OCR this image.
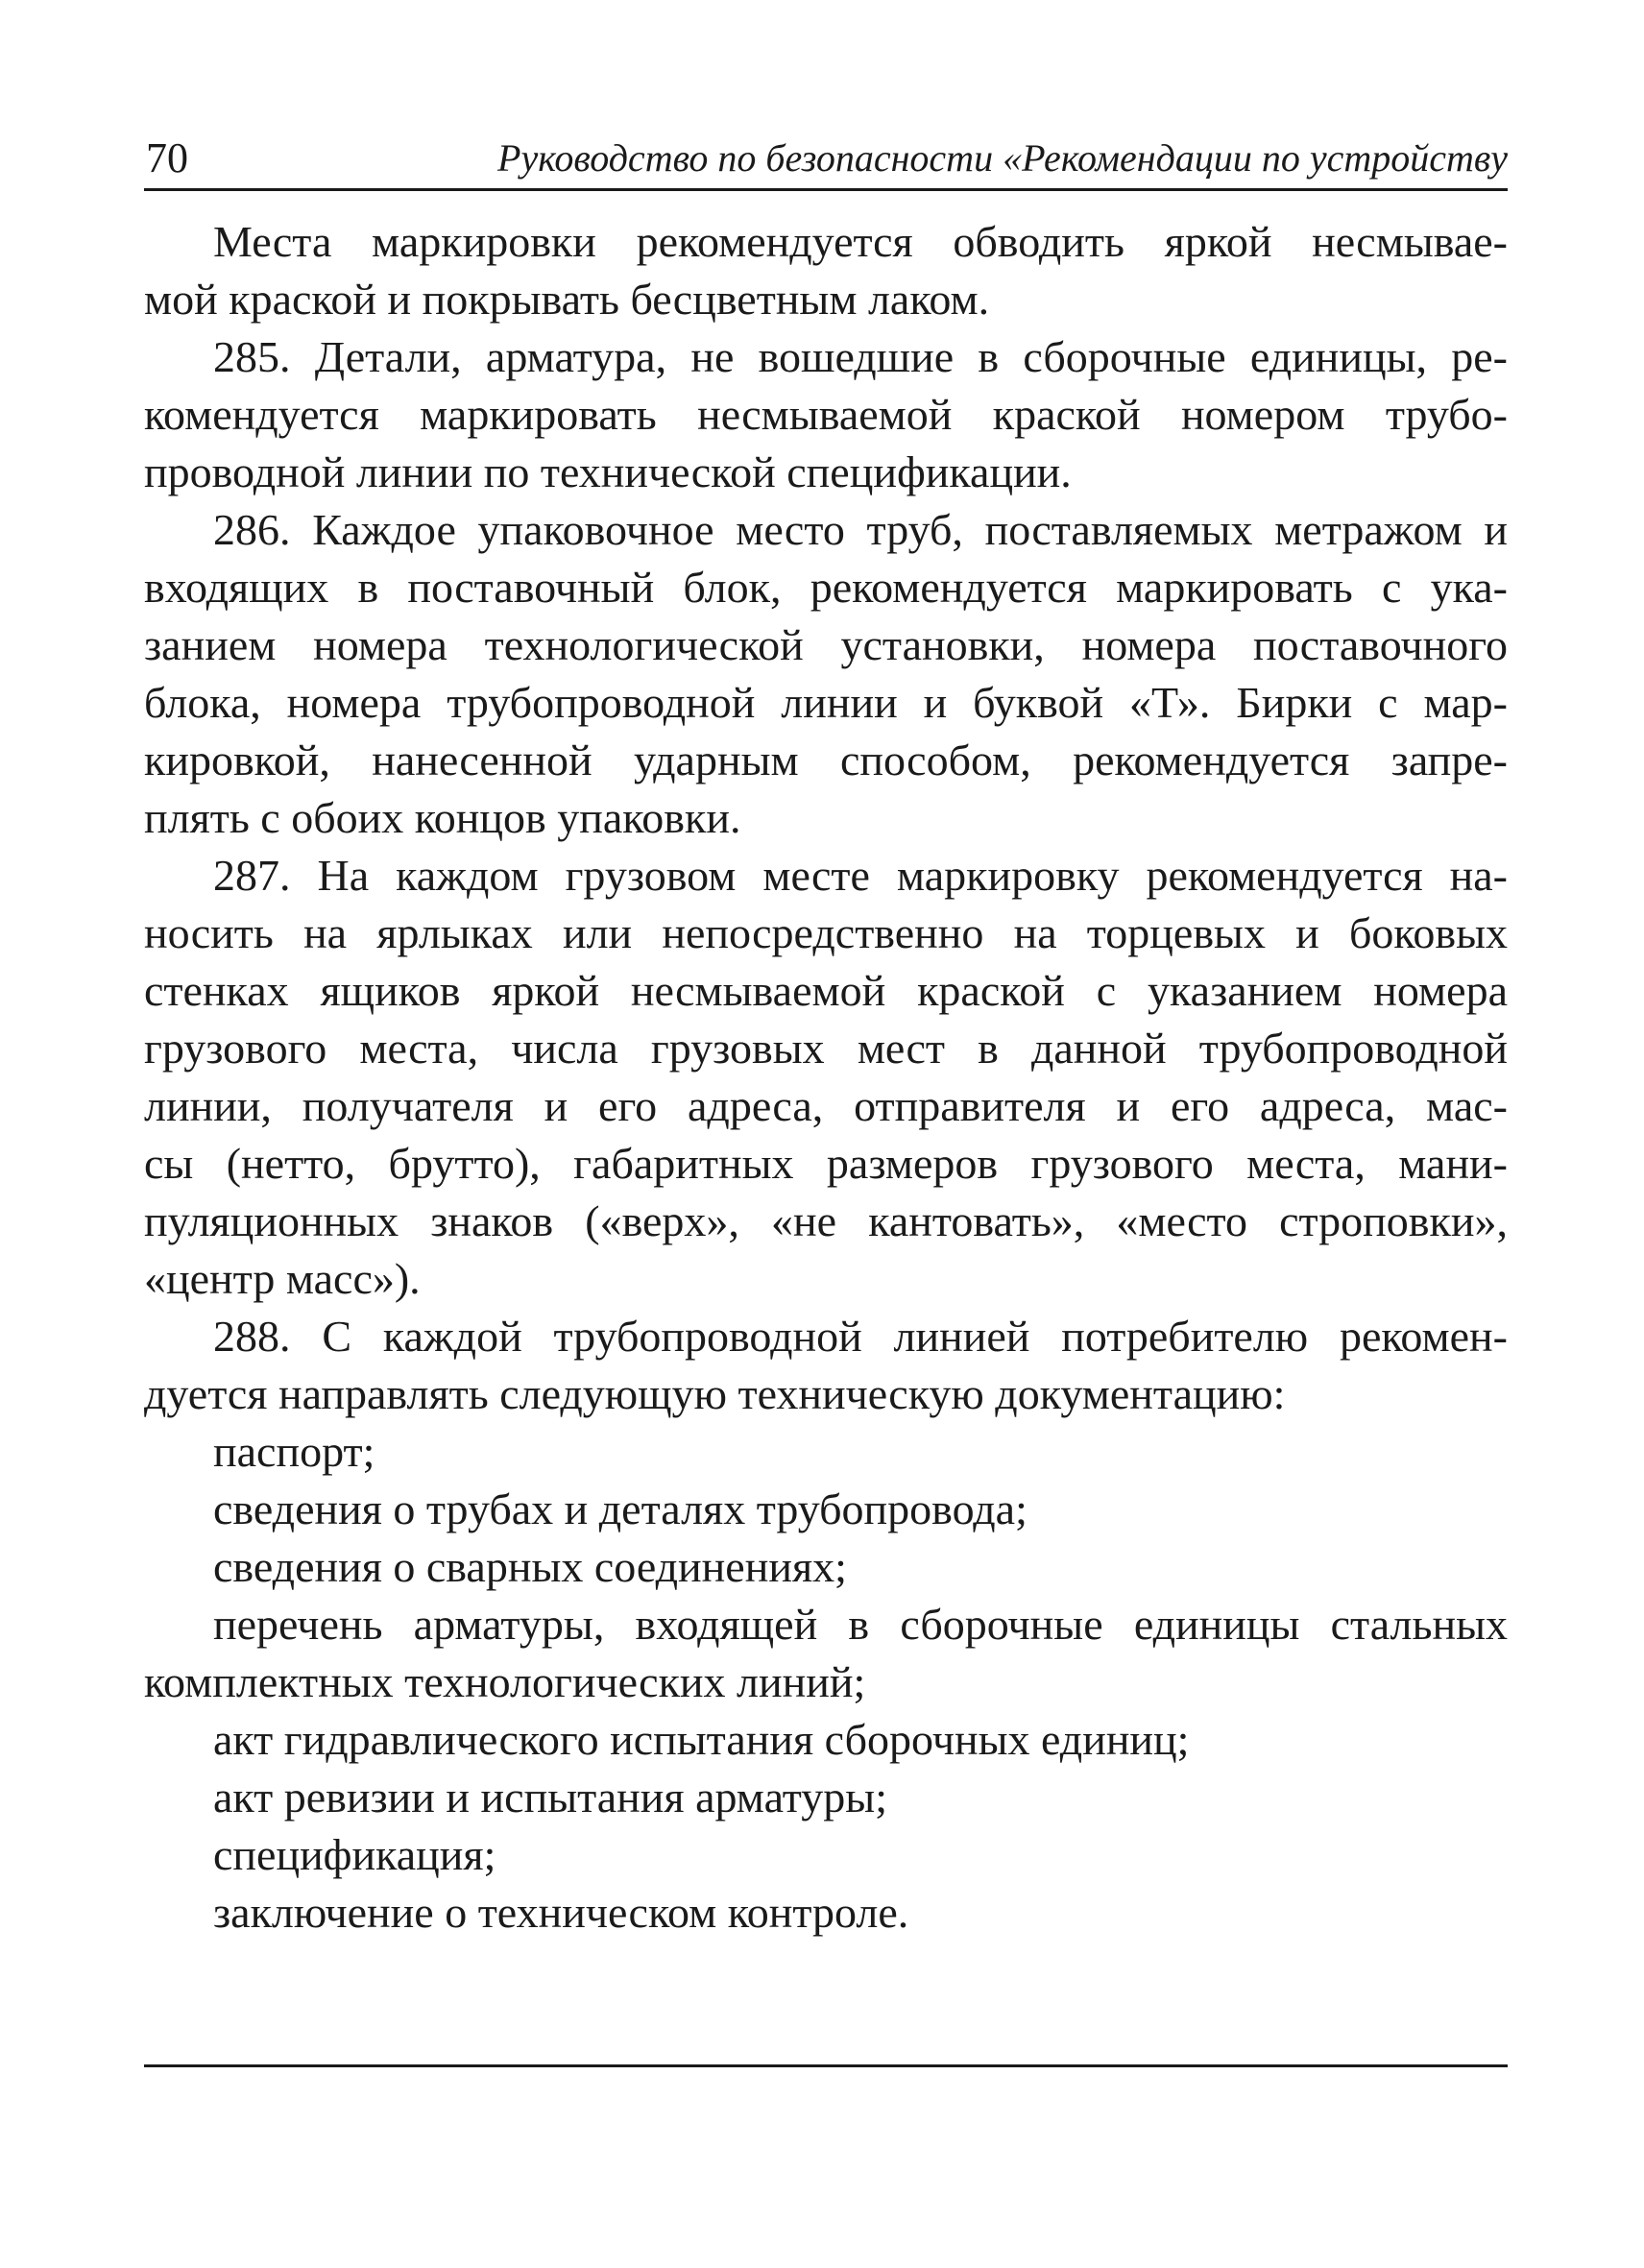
70	Руководство по безопасности «Рекомендации по устройству
Места маркировки рекомендуется обводить яркой несмывае-
мой краской и покрывать бесцветным лаком.
285. Детали, арматура, не вошедшие в сборочные единицы, ре-
комендуется маркировать несмываемой краской номером трубо-
проводной линии по технической спецификации.
286. Каждое упаковочное место труб, поставляемых метражом и
входящих в поставочный блок, рекомендуется маркировать с ука-
занием номера технологической установки, номера поставочного
блока, номера трубопроводной линии и буквой «Т». Бирки с мар-
кировкой, нанесенной ударным способом, рекомендуется запре-
плять с обоих концов упаковки.
287. На каждом грузовом месте маркировку рекомендуется на-
носить на ярлыках или непосредственно на торцевых и боковых
стенках ящиков яркой несмываемой краской с указанием номера
грузового места, числа грузовых мест в данной трубопроводной
линии, получателя и его адреса, отправителя и его адреса, мас-
сы (нетто, брутто), габаритных размеров грузового места, мани-
пуляционных знаков («верх», «не кантовать», «место строповки»,
«центр масс»).
288. С каждой трубопроводной линией потребителю рекомен-
дуется направлять следующую техническую документацию:
паспорт;
сведения о трубах и деталях трубопровода;
сведения о сварных соединениях;
перечень арматуры, входящей в сборочные единицы стальных
комплектных технологических линий;
акт гидравлического испытания сборочных единиц;
акт ревизии и испытания арматуры;
спецификация;
заключение о техническом контроле.
